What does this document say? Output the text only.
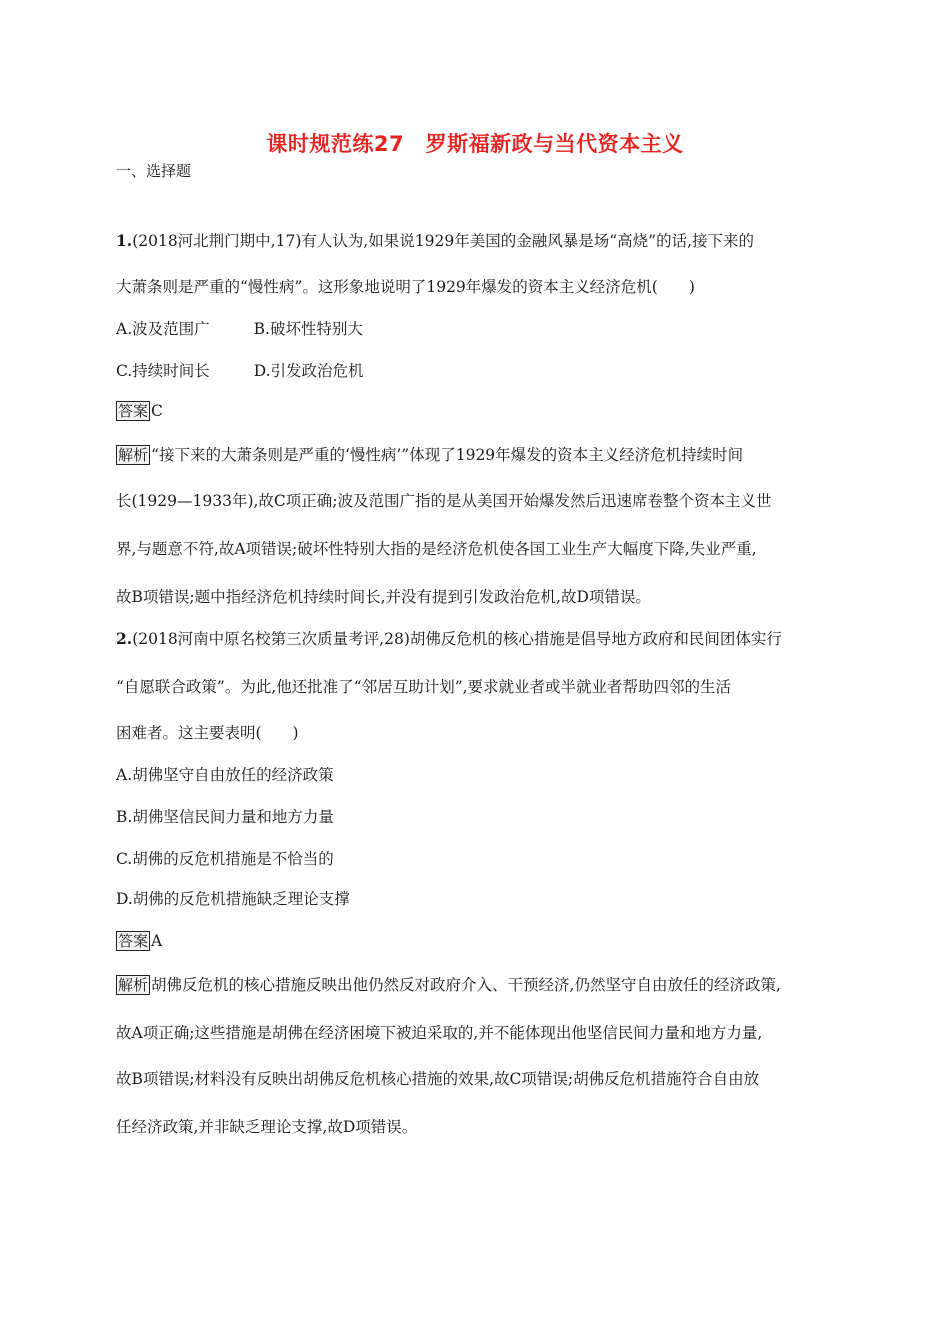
课时规范练27　罗斯福新政与当代资本主义
一、选择题
1.(2018河北荆门期中,17)有人认为,如果说1929年美国的金融风暴是场“高烧”的话,接下来的
大萧条则是严重的“慢性病”。这形象地说明了1929年爆发的资本主义经济危机(　　)
A.波及范围广	B.破坏性特别大
C.持续时间长	D.引发政治危机
答案 C
解析 “接下来的大萧条则是严重的‘慢性病’”体现了1929年爆发的资本主义经济危机持续时间
长(1929—1933年),故C项正确;波及范围广指的是从美国开始爆发然后迅速席卷整个资本主义世
界,与题意不符,故A项错误;破坏性特别大指的是经济危机使各国工业生产大幅度下降,失业严重,
故B项错误;题中指经济危机持续时间长,并没有提到引发政治危机,故D项错误。
2.(2018河南中原名校第三次质量考评,28)胡佛反危机的核心措施是倡导地方政府和民间团体实行
“自愿联合政策”。为此,他还批准了“邻居互助计划”,要求就业者或半就业者帮助四邻的生活
困难者。这主要表明(　　)
A.胡佛坚守自由放任的经济政策
B.胡佛坚信民间力量和地方力量
C.胡佛的反危机措施是不恰当的
D.胡佛的反危机措施缺乏理论支撑
答案 A
解析 胡佛反危机的核心措施反映出他仍然反对政府介入、干预经济,仍然坚守自由放任的经济政策,
故A项正确;这些措施是胡佛在经济困境下被迫采取的,并不能体现出他坚信民间力量和地方力量,
故B项错误;材料没有反映出胡佛反危机核心措施的效果,故C项错误;胡佛反危机措施符合自由放
任经济政策,并非缺乏理论支撑,故D项错误。
